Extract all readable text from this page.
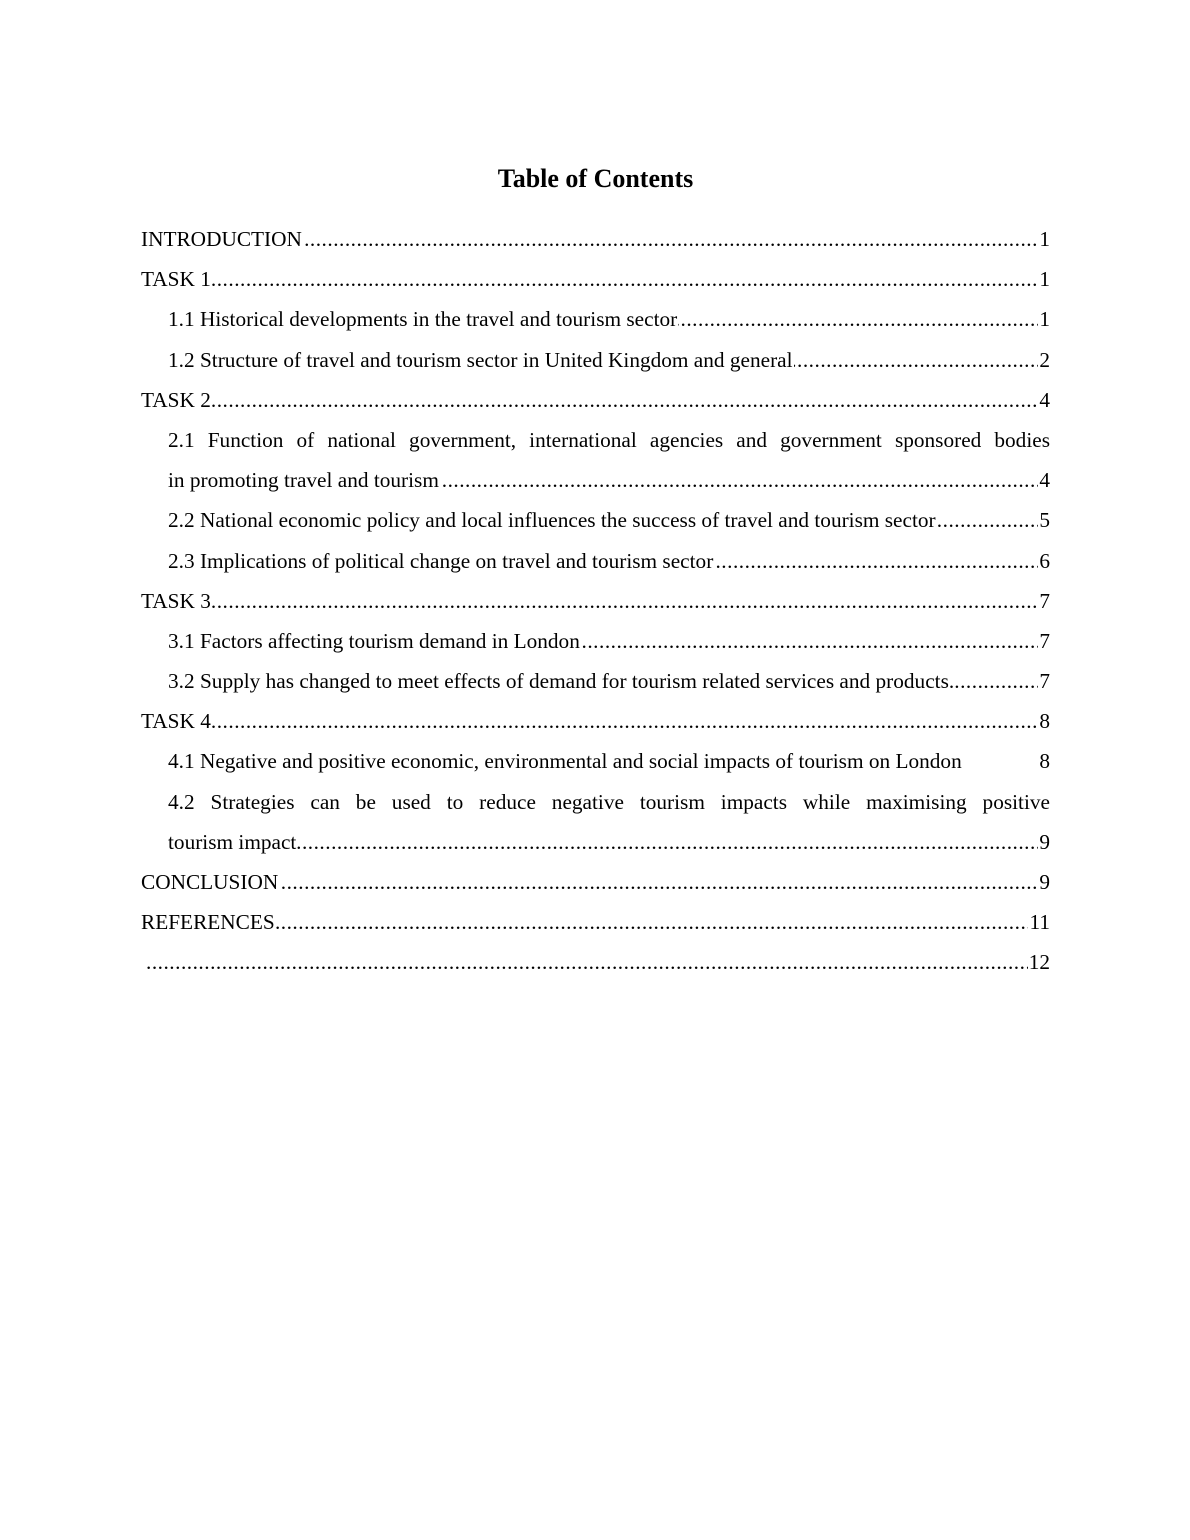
Table of Contents
.....
INTRODUCTION	1
.....
TASK 1	1
.....
1.1 Historical developments in the travel and tourism sector	1
.....
1.2 Structure of travel and tourism sector in United Kingdom and general	2
.....
TASK 2	4
2.1 Function of national government, international agencies and government sponsored bodies
.....
in promoting travel and tourism	4
.....
2.2 National economic policy and local influences the success of travel and tourism sector	5
.....
2.3 Implications of political change on travel and tourism sector	6
.....
TASK 3	7
.....
3.1 Factors affecting tourism demand in London	7
.....
3.2 Supply has changed to meet effects of demand for tourism related services and products.	7
.....
TASK 4	8
4.1 Negative and positive economic, environmental and social impacts of tourism on London	8
4.2 Strategies can be used to reduce negative tourism impacts while maximising positive
.....
tourism impact	9
.....
CONCLUSION	9
.....
REFERENCES	11
.....
12
